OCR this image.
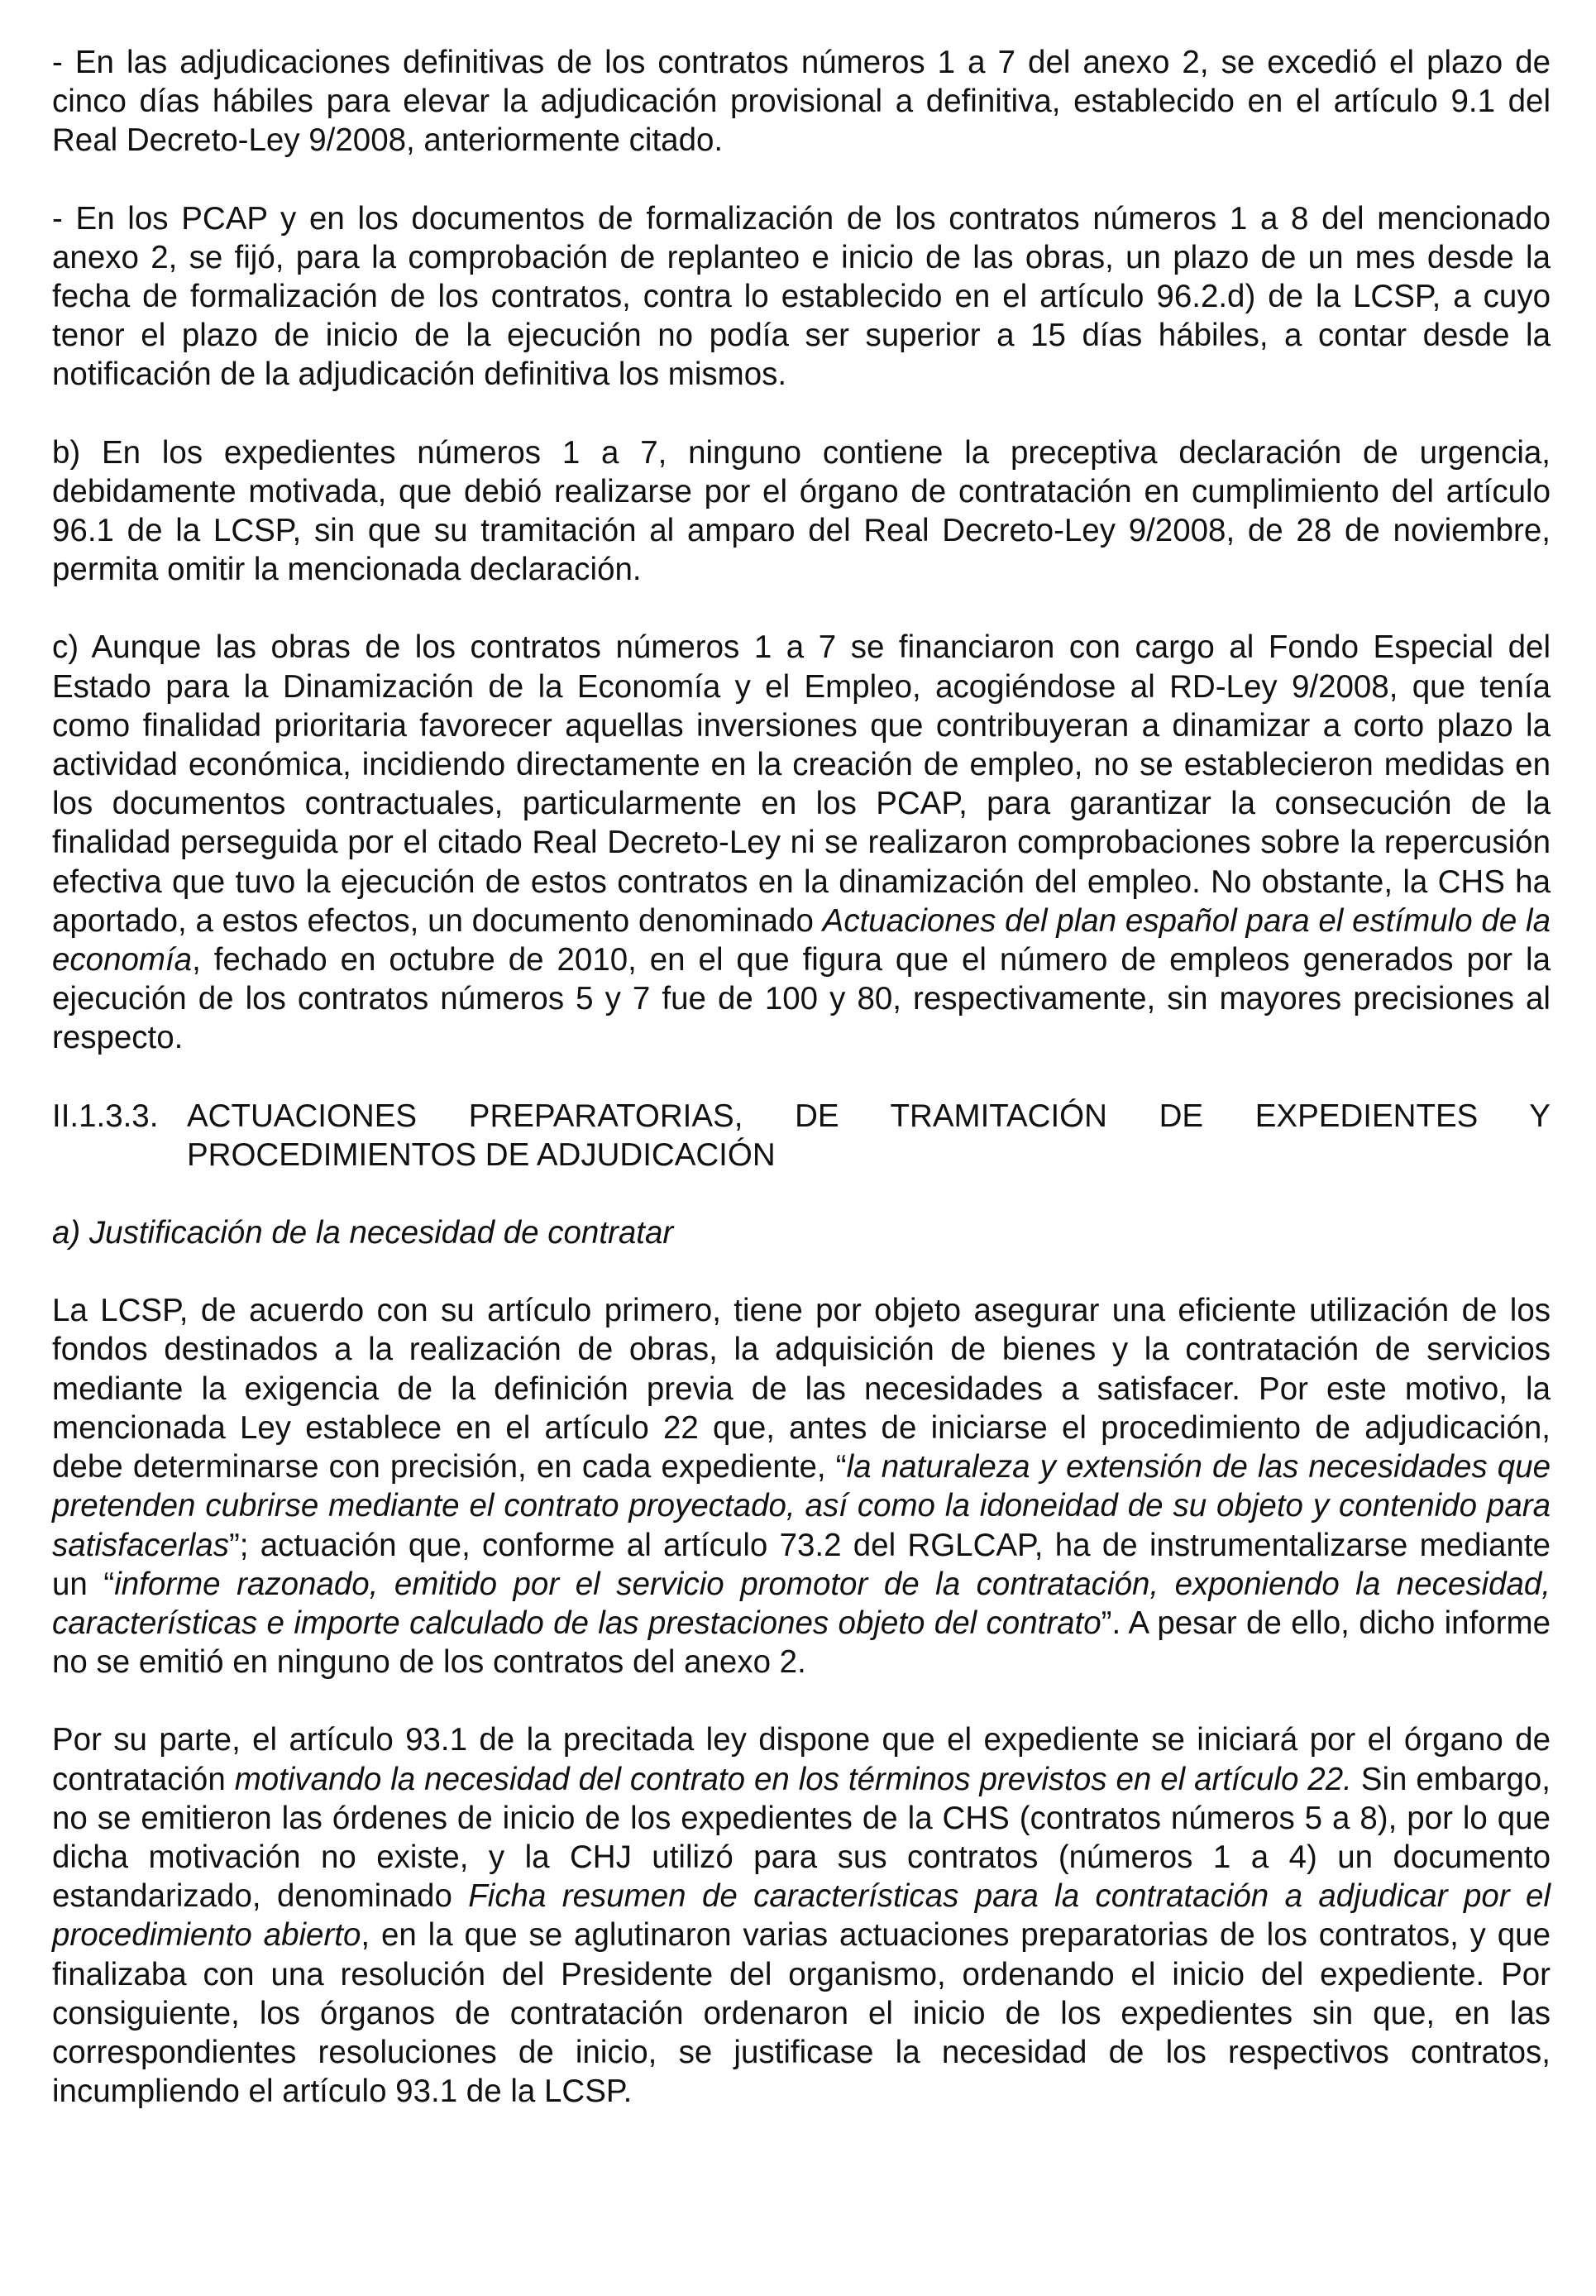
- En las adjudicaciones definitivas de los contratos números 1 a 7 del anexo 2, se excedió el plazo de cinco días hábiles para elevar la adjudicación provisional a definitiva, establecido en el artículo 9.1 del Real Decreto-Ley 9/2008, anteriormente citado.

- En los PCAP y en los documentos de formalización de los contratos números 1 a 8 del mencionado anexo 2, se fijó, para la comprobación de replanteo e inicio de las obras, un plazo de un mes desde la fecha de formalización de los contratos, contra lo establecido en el artículo 96.2.d) de la LCSP, a cuyo tenor el plazo de inicio de la ejecución no podía ser superior a 15 días hábiles, a contar desde la notificación de la adjudicación definitiva los mismos.

b) En los expedientes números 1 a 7, ninguno contiene la preceptiva declaración de urgencia, debidamente motivada, que debió realizarse por el órgano de contratación en cumplimiento del artículo 96.1 de la LCSP, sin que su tramitación al amparo del Real Decreto-Ley 9/2008, de 28 de noviembre, permita omitir la mencionada declaración.

c) Aunque las obras de los contratos números 1 a 7 se financiaron con cargo al Fondo Especial del Estado para la Dinamización de la Economía y el Empleo, acogiéndose al RD-Ley 9/2008, que tenía como finalidad prioritaria favorecer aquellas inversiones que contribuyeran a dinamizar a corto plazo la actividad económica, incidiendo directamente en la creación de empleo, no se establecieron medidas en los documentos contractuales, particularmente en los PCAP, para garantizar la consecución de la finalidad perseguida por el citado Real Decreto-Ley ni se realizaron comprobaciones sobre la repercusión efectiva que tuvo la ejecución de estos contratos en la dinamización del empleo. No obstante, la CHS ha aportado, a estos efectos, un documento denominado Actuaciones del plan español para el estímulo de la economía, fechado en octubre de 2010, en el que figura que el número de empleos generados por la ejecución de los contratos números 5 y 7 fue de 100 y 80, respectivamente, sin mayores precisiones al respecto.

II.1.3.3. ACTUACIONES PREPARATORIAS, DE TRAMITACIÓN DE EXPEDIENTES Y
PROCEDIMIENTOS DE ADJUDICACIÓN
a) Justificación de la necesidad de contratar

La LCSP, de acuerdo con su artículo primero, tiene por objeto asegurar una eficiente utilización de los fondos destinados a la realización de obras, la adquisición de bienes y la contratación de servicios mediante la exigencia de la definición previa de las necesidades a satisfacer. Por este motivo, la mencionada Ley establece en el artículo 22 que, antes de iniciarse el procedimiento de adjudicación, debe determinarse con precisión, en cada expediente, “la naturaleza y extensión de las necesidades que pretenden cubrirse mediante el contrato proyectado, así como la idoneidad de su objeto y contenido para satisfacerlas”; actuación que, conforme al artículo 73.2 del RGLCAP, ha de instrumentalizarse mediante un “informe razonado, emitido por el servicio promotor de la contratación, exponiendo la necesidad, características e importe calculado de las prestaciones objeto del contrato”. A pesar de ello, dicho informe no se emitió en ninguno de los contratos del anexo 2.

Por su parte, el artículo 93.1 de la precitada ley dispone que el expediente se iniciará por el órgano de contratación motivando la necesidad del contrato en los términos previstos en el artículo 22. Sin embargo, no se emitieron las órdenes de inicio de los expedientes de la CHS (contratos números 5 a 8), por lo que dicha motivación no existe, y la CHJ utilizó para sus contratos (números 1 a 4) un documento estandarizado, denominado Ficha resumen de características para la contratación a adjudicar por el procedimiento abierto, en la que se aglutinaron varias actuaciones preparatorias de los contratos, y que finalizaba con una resolución del Presidente del organismo, ordenando el inicio del expediente. Por consiguiente, los órganos de contratación ordenaron el inicio de los expedientes sin que, en las correspondientes resoluciones de inicio, se justificase la necesidad de los respectivos contratos, incumpliendo el artículo 93.1 de la LCSP.
